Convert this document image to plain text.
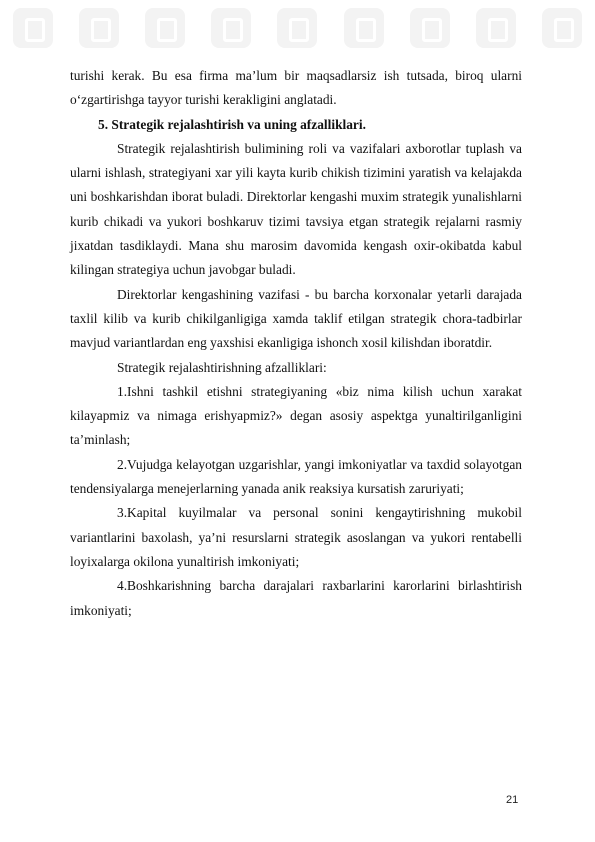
turishi kerak. Bu esa firma ma’lum bir maqsadlarsiz ish tutsada, biroq ularni o‘zgartirishga tayyor turishi kerakligini anglatadi.

5. Strategik rejalashtirish va uning afzalliklari.

Strategik rejalashtirish bulimining roli va vazifalari axborotlar tuplash va ularni ishlash, strategiyani xar yili kayta kurib chikish tizimini yaratish va kelajakda uni boshkarishdan iborat buladi. Direktorlar kengashi muxim strategik yunalishlarni kurib chikadi va yukori boshkaruv tizimi tavsiya etgan strategik rejalarni rasmiy jixatdan tasdiklaydi. Mana shu marosim davomida kengash oxir-okibatda kabul kilingan strategiya uchun javobgar buladi.

Direktorlar kengashining vazifasi - bu barcha korxonalar yetarli darajada taxlil kilib va kurib chikilganligiga xamda taklif etilgan strategik chora-tadbirlar mavjud variantlardan eng yaxshisi ekanligiga ishonch xosil kilishdan iboratdir.

Strategik rejalashtirishning afzalliklari:

1.Ishni tashkil etishni strategiyaning «biz nima kilish uchun xarakat kilayapmiz va nimaga erishyapmiz?» degan asosiy aspektga yunaltirilganligini ta’minlash;

2.Vujudga kelayotgan uzgarishlar, yangi imkoniyatlar va taxdid solayotgan tendensiyalarga menejerlarning yanada anik reaksiya kursatish zaruriyati;

3.Kapital kuyilmalar va personal sonini kengaytirishning mukobil variantlarini baxolash, ya’ni resurslarni strategik asoslangan va yukori rentabelli loyixalarga okilona yunaltirish imkoniyati;

4.Boshkarishning barcha darajalari raxbarlarini karorlarini birlashtirish imkoniyati;

21
